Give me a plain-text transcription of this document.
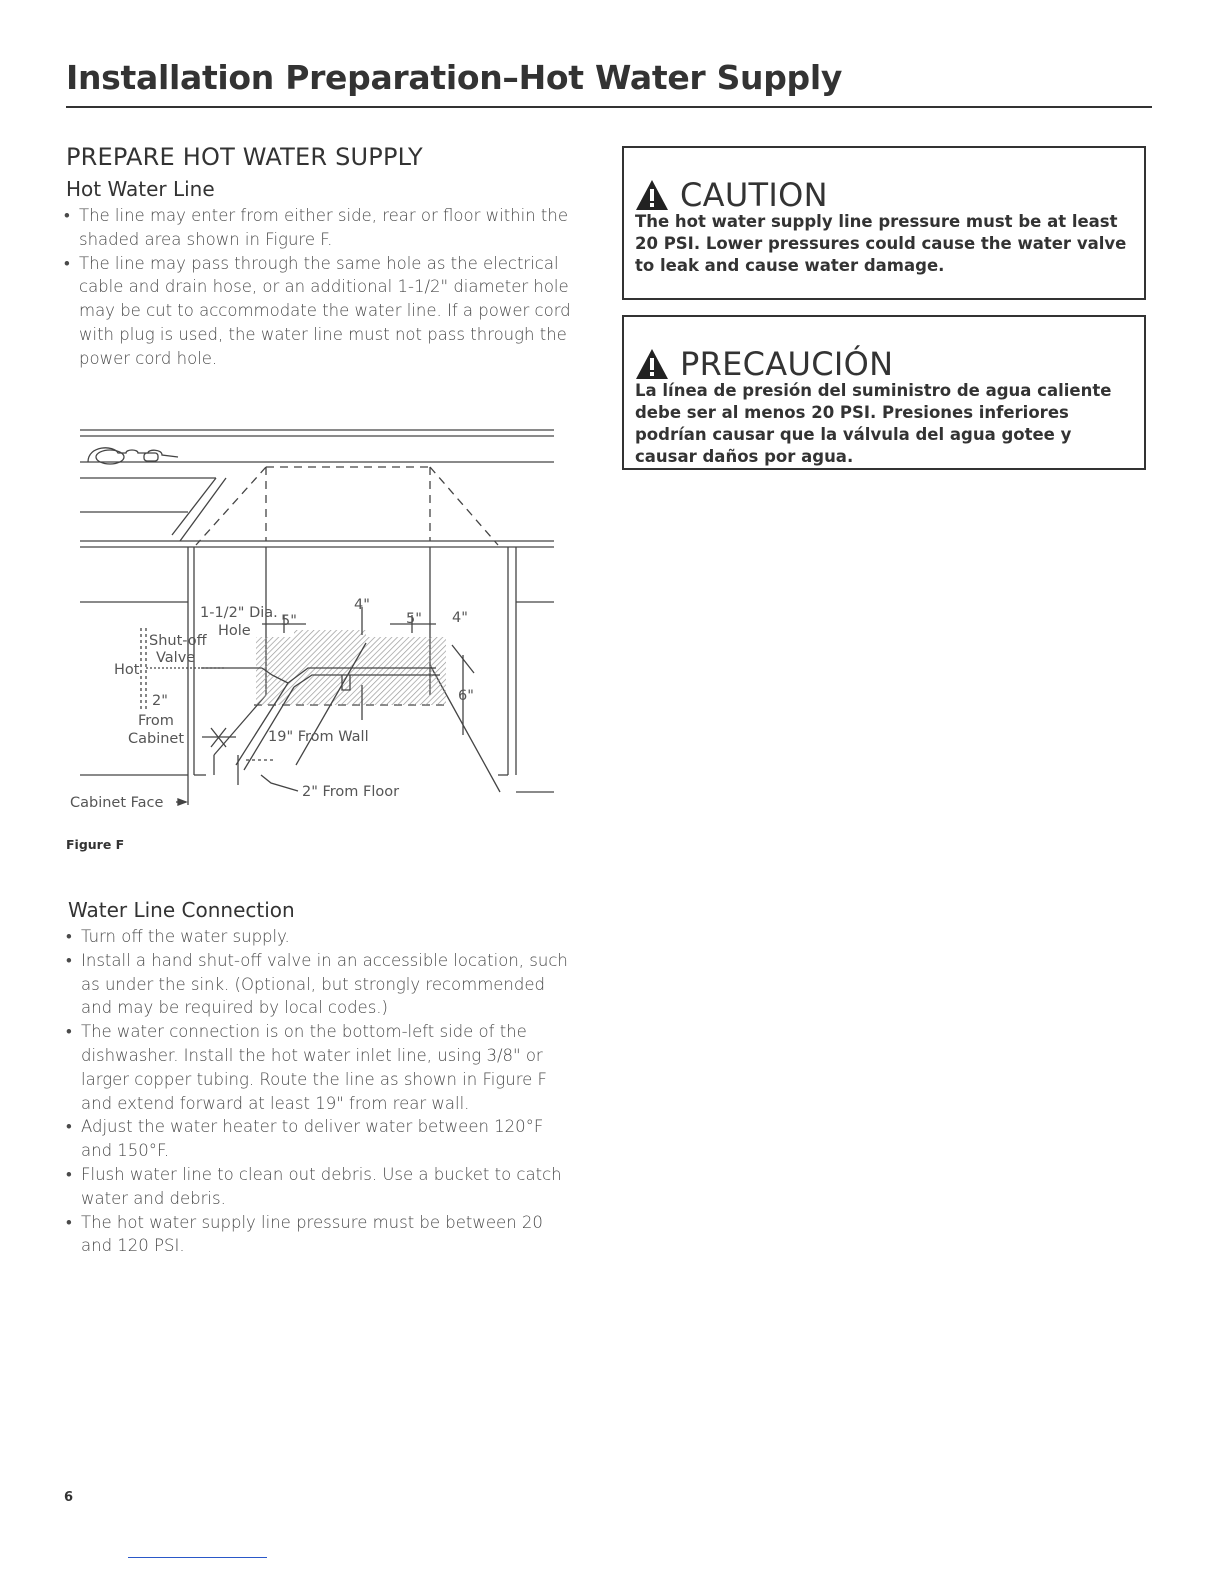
Installation Preparation–Hot Water Supply
PREPARE HOT WATER SUPPLY
Hot Water Line
• The line may enter from either side, rear or floor within the shaded area shown in Figure F.
• The line may pass through the same hole as the electrical cable and drain hose, or an additional 1-1/2" diameter hole may be cut to accommodate the water line. If a power cord with plug is used, the water line must not pass through the power cord hole.
1-1/2" Dia.
Hole
Shut-off
Valve
Hot
2"
From
Cabinet
5"
4"
5" 4"
6"
19" From Wall
2" From Floor
Cabinet Face
Figure F
Water Line Connection
• Turn off the water supply.
• Install a hand shut-off valve in an accessible location, such as under the sink. (Optional, but strongly recommended and may be required by local codes.)
• The water connection is on the bottom-left side of the dishwasher. Install the hot water inlet line, using 3/8" or larger copper tubing. Route the line as shown in Figure F and extend forward at least 19" from rear wall.
• Adjust the water heater to deliver water between 120°F and 150°F.
• Flush water line to clean out debris. Use a bucket to catch water and debris.
• The hot water supply line pressure must be between 20 and 120 PSI.
CAUTION
The hot water supply line pressure must be at least 20 PSI. Lower pressures could cause the water valve to leak and cause water damage.
PRECAUCIÓN
La línea de presión del suministro de agua caliente debe ser al menos 20 PSI. Presiones inferiores podrían causar que la válvula del agua gotee y causar daños por agua.
6
